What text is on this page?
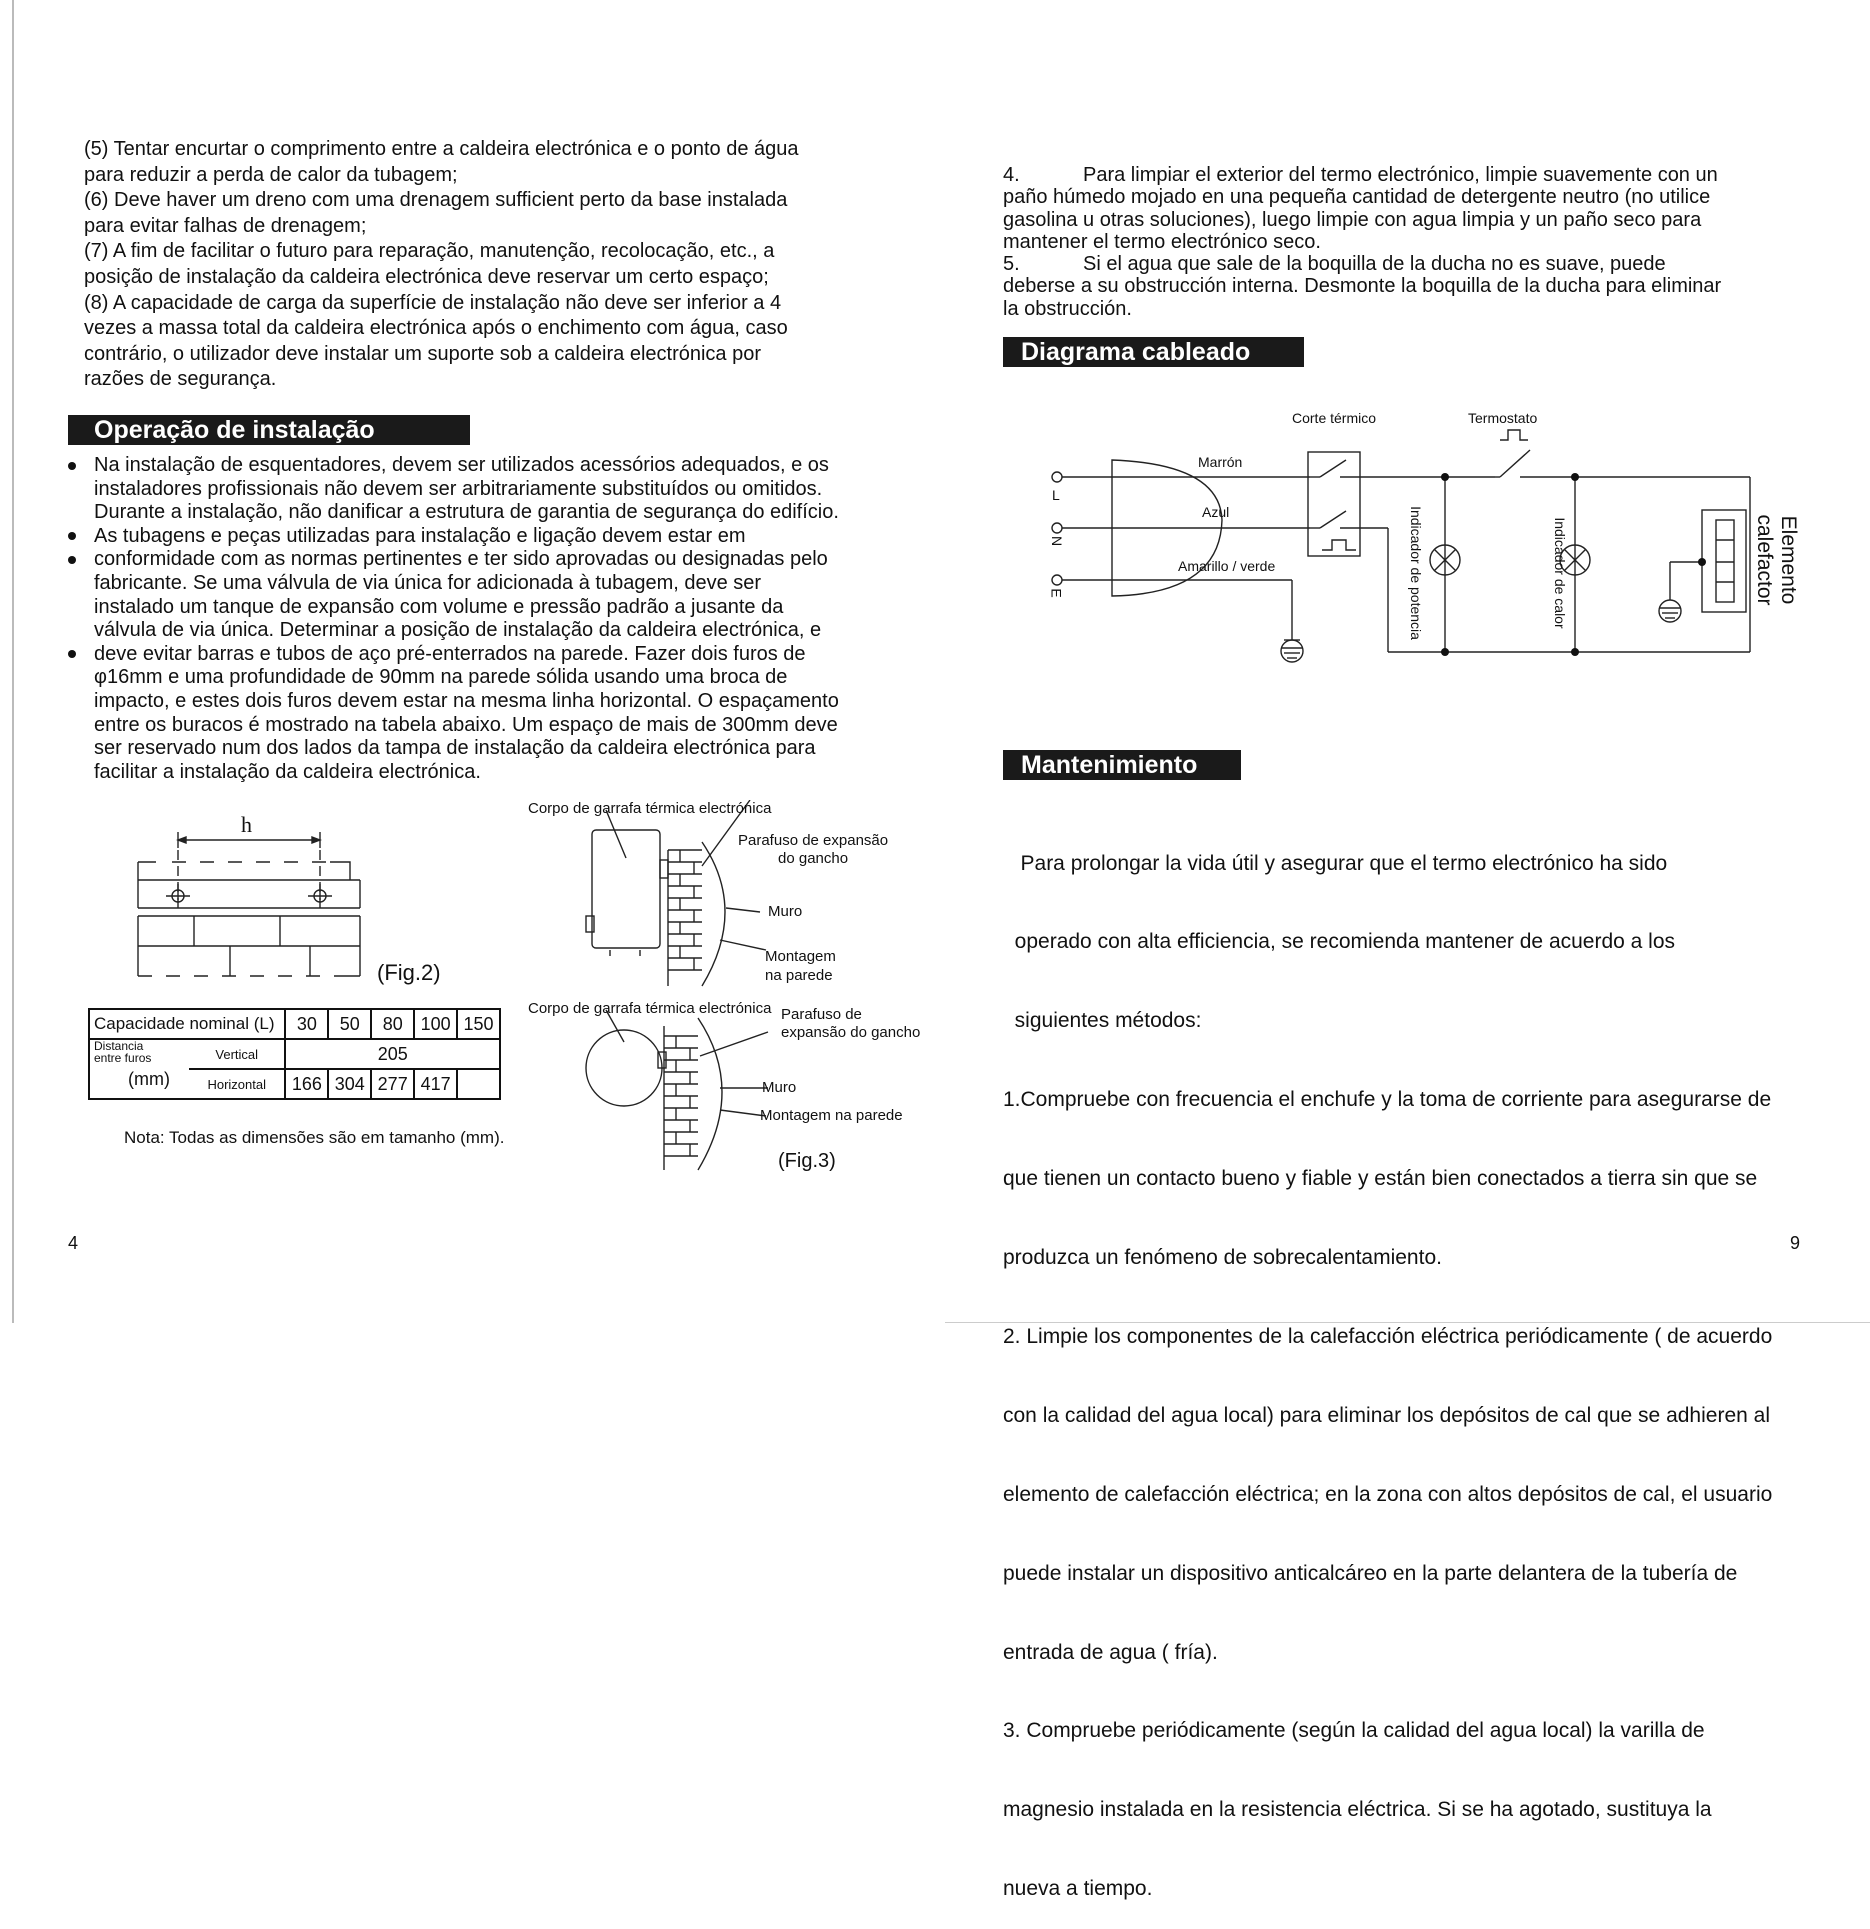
(5) Tentar encurtar o comprimento entre a caldeira electrónica e o ponto de água
para reduzir a perda de calor da tubagem;
(6) Deve haver um dreno com uma drenagem sufficient perto da base instalada
para evitar falhas de drenagem;
(7) A fim de facilitar o futuro para reparação, manutenção, recolocação, etc., a
posição de instalação da caldeira electrónica deve reservar um certo espaço;
(8) A capacidade de carga da superfície de instalação não deve ser inferior a 4
vezes a massa total da caldeira electrónica após o enchimento com água, caso
contrário, o utilizador deve instalar um suporte sob a caldeira electrónica por
razões de segurança.
Operação de instalação
Na instalação de esquentadores, devem ser utilizados acessórios adequados, e os
instaladores profissionais não devem ser arbitrariamente substituídos ou omitidos.
Durante a instalação, não danificar a estrutura de garantia de segurança do edifício.
As tubagens e peças utilizadas para instalação e ligação devem estar em
conformidade com as normas pertinentes e ter sido aprovadas ou designadas pelo
fabricante. Se uma válvula de via única for adicionada à tubagem, deve ser
instalado um tanque de expansão com volume e pressão padrão a jusante da
válvula de via única. Determinar a posição de instalação da caldeira electrónica, e
deve evitar barras e tubos de aço pré-enterrados na parede. Fazer dois furos de
φ16mm e uma profundidade de 90mm na parede sólida usando uma broca de
impacto, e estes dois furos devem estar na mesma linha horizontal. O espaçamento
entre os buracos é mostrado na tabela abaixo. Um espaço de mais de 300mm deve
ser reservado num dos lados da tampa de instalação da caldeira electrónica para
facilitar a instalação da caldeira electrónica.
h
(Fig.2)
Capacidade nominal (L)		30	50	80	100	150

Distancia
entre furos
(mm)	Vertical	205				
	Horizontal	166	304	277	417	
Nota: Todas as dimensões são em tamanho (mm).
Corpo de garrafa térmica electrónica
Parafuso de expansão
do gancho
Muro
Montagem
na parede
Corpo de garrafa térmica electrónica Parafuso de
expansão do gancho
Muro
Montagem na parede
(Fig.3)
4
4.	Para limpiar el exterior del termo electrónico, limpie suavemente con un
paño húmedo mojado en una pequeña cantidad de detergente neutro (no utilice
gasolina u otras soluciones), luego limpie con agua limpia y un paño seco para
mantener el termo electrónico seco.
5.	Si el agua que sale de la boquilla de la ducha no es suave, puede
deberse a su obstrucción interna. Desmonte la boquilla de la ducha para eliminar
la obstrucción.
Diagrama cableado
Corte térmico	Termostato
Marrón
Azul
Amarillo / verde
L
N
E	Indicador de potencia	Indicador de calor	Elemento
calefactor
Mantenimiento

Para prolongar la vida útil y asegurar que el termo electrónico ha sido

operado con alta efficiencia, se recomienda mantener de acuerdo a los

siguientes métodos:

1.Compruebe con frecuencia el enchufe y la toma de corriente para asegurarse de

que tienen un contacto bueno y fiable y están bien conectados a tierra sin que se

produzca un fenómeno de sobrecalentamiento.

2. Limpie los componentes de la calefacción eléctrica periódicamente ( de acuerdo

con la calidad del agua local) para eliminar los depósitos de cal que se adhieren al

elemento de calefacción eléctrica; en la zona con altos depósitos de cal, el usuario

puede instalar un dispositivo anticalcáreo en la parte delantera de la tubería de

entrada de agua ( fría).

3. Compruebe periódicamente (según la calidad del agua local) la varilla de

magnesio instalada en la resistencia eléctrica. Si se ha agotado, sustituya la

nueva a tiempo.

9
